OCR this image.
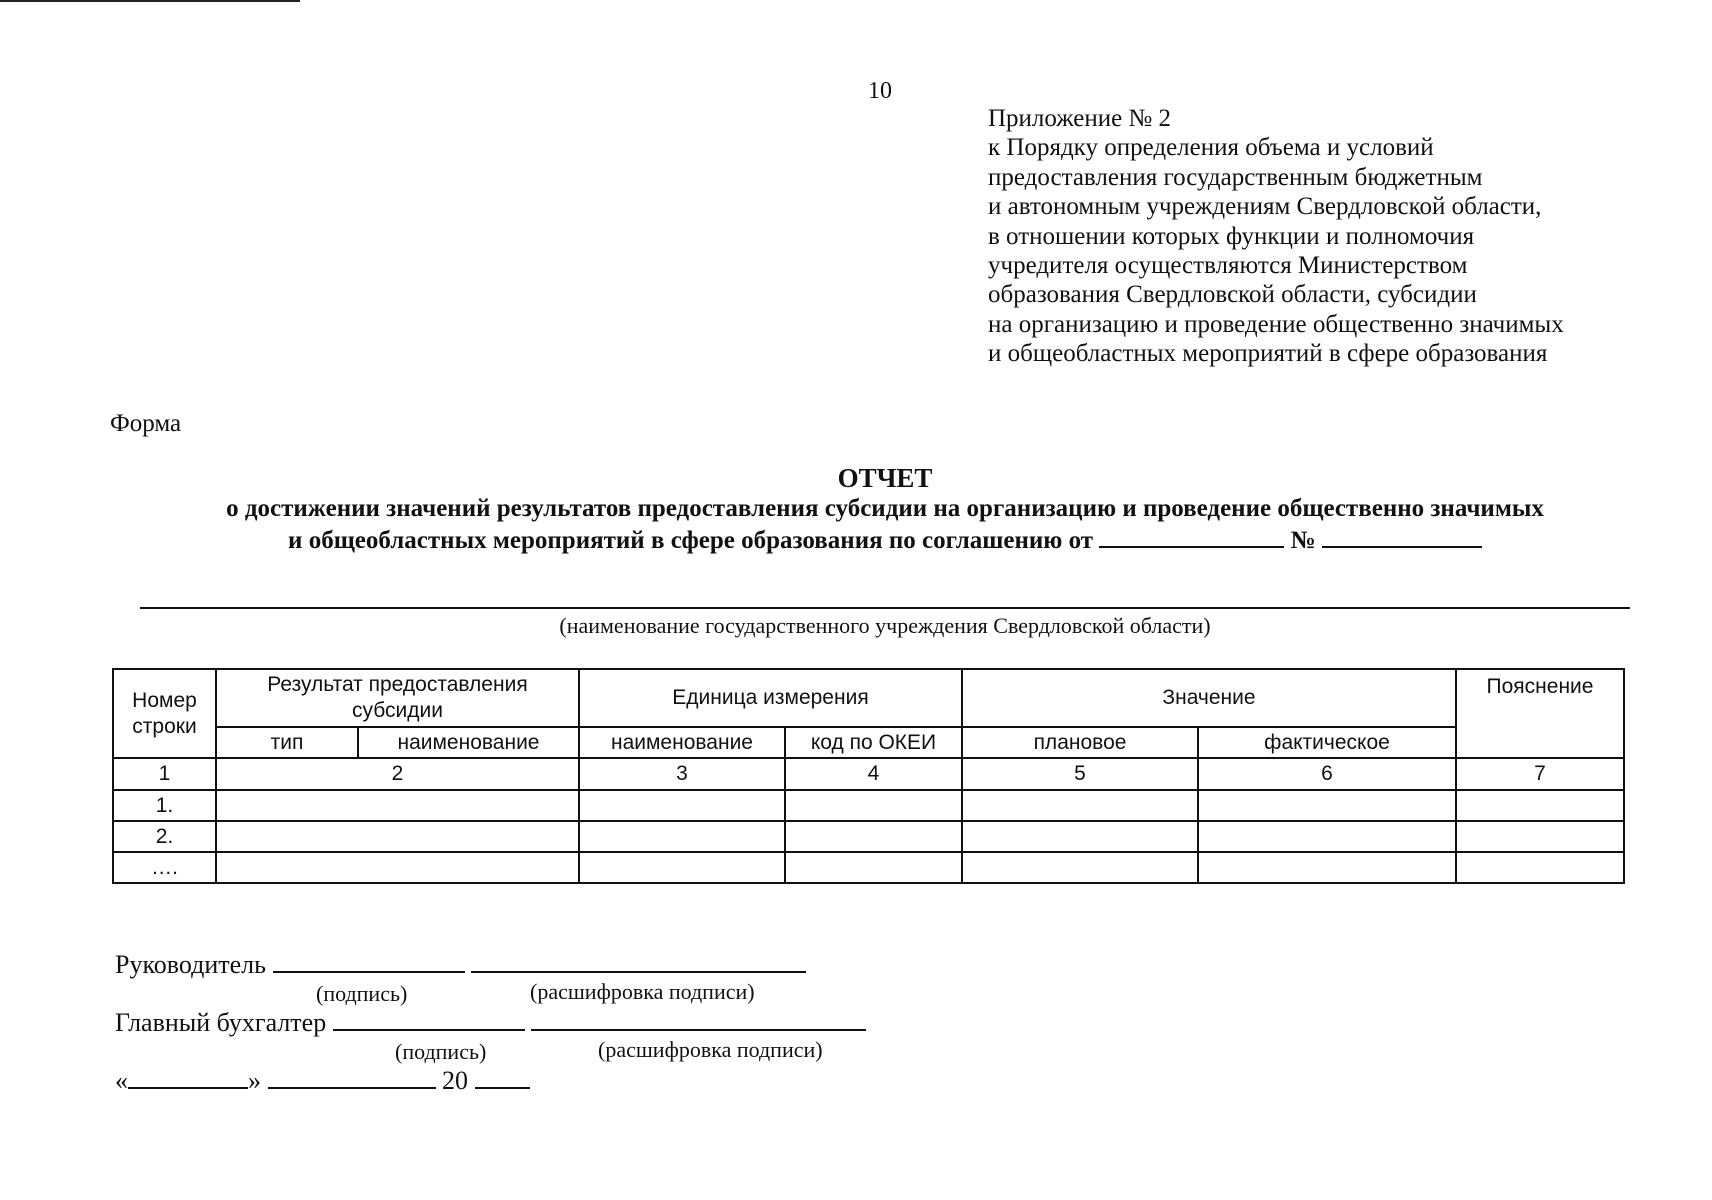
10
Приложение № 2
к Порядку определения объема и условий
предоставления государственным бюджетным
и автономным учреждениям Свердловской области,
в отношении которых функции и полномочия
учредителя осуществляются Министерством
образования Свердловской области, субсидии
на организацию и проведение общественно значимых
и общеобластных мероприятий в сфере образования
Форма
ОТЧЕТ
о достижении значений результатов предоставления субсидии на организацию и проведение общественно значимых
и общеобластных мероприятий в сфере образования по соглашению от	№
(наименование государственного учреждения Свердловской области)
Номер строки	Результат предоставления субсидии		Единица измерения		Значение		Пояснение
	тип	наименование	наименование	код по ОКЕИ	плановое	фактическое	
1	2		3	4	5	6	7
1.							
2.							
….							
Руководитель
(подпись)	(расшифровка подписи)
Главный бухгалтер
(подпись)	(расшифровка подписи)
«	»	20
